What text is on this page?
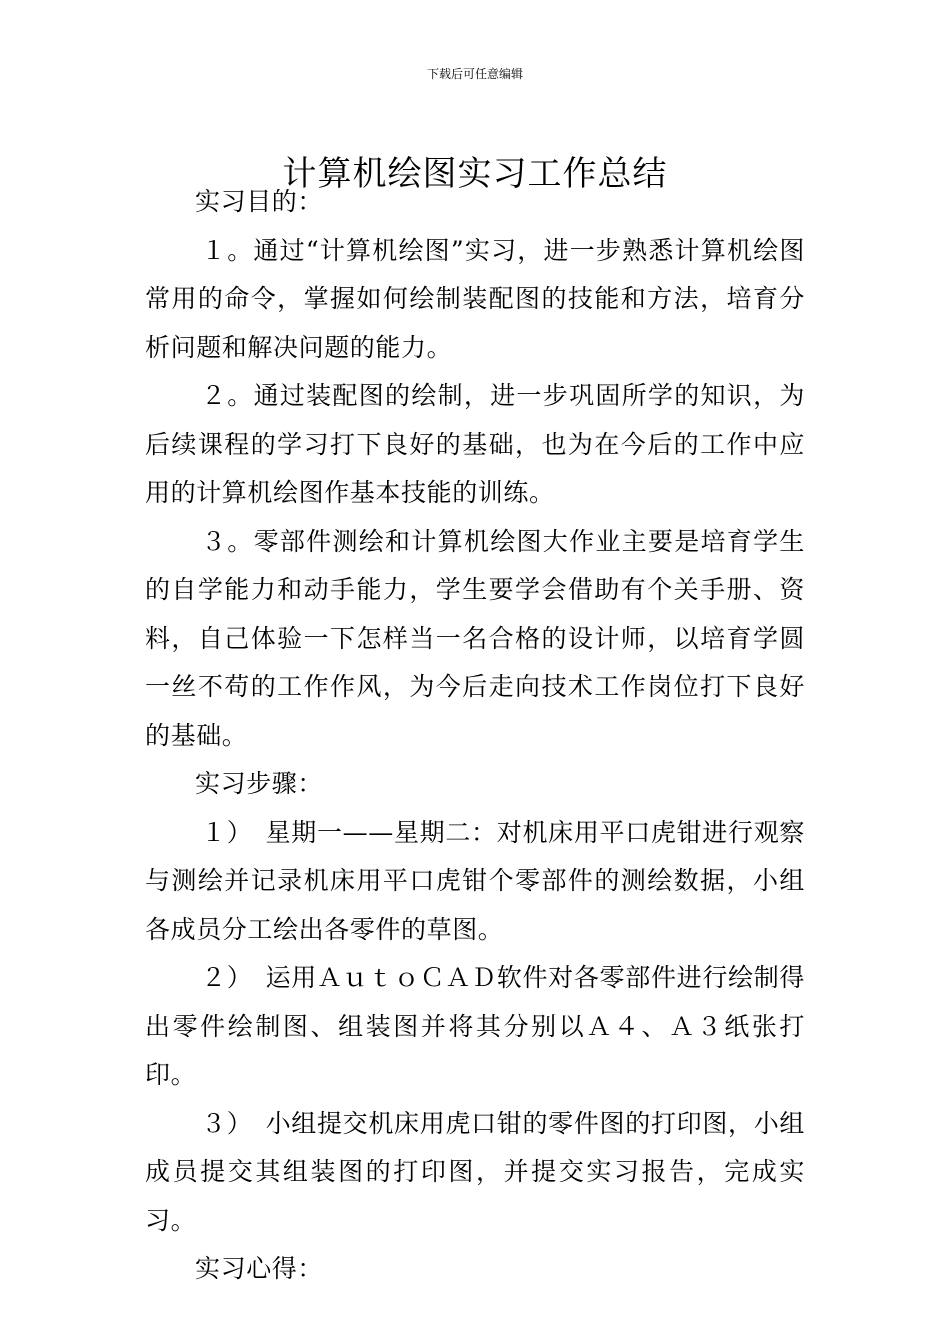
下载后可任意编辑
计算机绘图实习工作总结

实习目的：

１。通过“计算机绘图”实习，进一步熟悉计算机绘图常用的命令，掌握如何绘制装配图的技能和方法，培育分析问题和解决问题的能力。

２。通过装配图的绘制，进一步巩固所学的知识，为后续课程的学习打下良好的基础，也为在今后的工作中应用的计算机绘图作基本技能的训练。

３。零部件测绘和计算机绘图大作业主要是培育学生的自学能力和动手能力，学生要学会借助有个关手册、资料，自己体验一下怎样当一名合格的设计师，以培育学圆一丝不苟的工作作风，为今后走向技术工作岗位打下良好的基础。

实习步骤：

１）　星期一——星期二：对机床用平口虎钳进行观察与测绘并记录机床用平口虎钳个零部件的测绘数据，小组各成员分工绘出各零件的草图。

２）　运用ＡｕｔｏＣＡＤ软件对各零部件进行绘制得出零件绘制图、组装图并将其分别以Ａ４、Ａ３纸张打印。

３）　小组提交机床用虎口钳的零件图的打印图，小组成员提交其组装图的打印图，并提交实习报告，完成实习。

实习心得：
